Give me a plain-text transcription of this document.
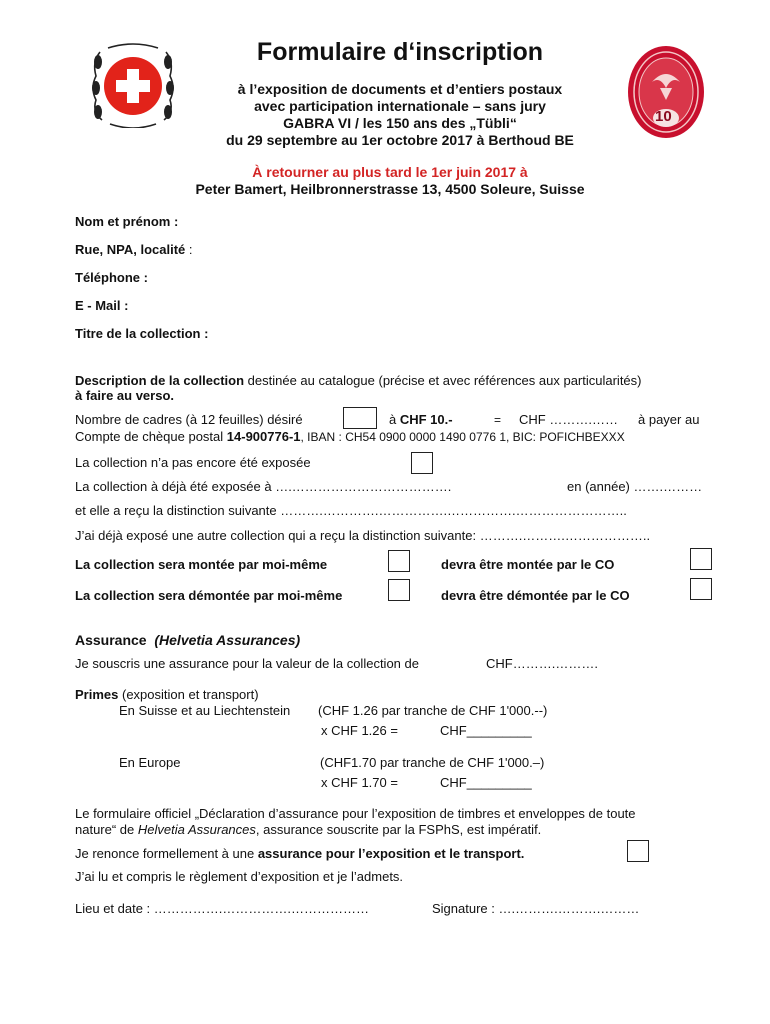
10
Formulaire d‘inscription
à l’exposition de documents et d’entiers postaux
avec participation internationale – sans jury
GABRA VI / les 150 ans des „Tübli“
du 29 septembre au 1er octobre 2017 à Berthoud BE
À retourner au plus tard le 1er juin 2017 à
Peter Bamert, Heilbronnerstrasse 13, 4500 Soleure, Suisse
Nom et prénom :
Rue, NPA, localité :
Téléphone :
E - Mail :
Titre de la collection :
Description de la collection destinée au catalogue (précise et avec références aux particularités)
à faire au verso.
Nombre de cadres (à 12 feuilles) désiré	à CHF 10.-	= CHF ……….…… à payer au
Compte de chèque postal 14-900776-1, IBAN : CH54 0900 0000 1490 0776 1, BIC: POFICHBEXXX
La collection n’a pas encore été exposée
La collection à déjà été exposée à ….……………………………….	en (année) …….………
et elle a reçu la distinction suivante ……….………….…………….…………….……………………..
J’ai déjà exposé une autre collection qui a reçu la distinction suivante: ……….……….………………..
La collection sera montée par moi-même	devra être montée par le CO
La collection sera démontée par moi-même	devra être démontée par le CO
Assurance (Helvetia Assurances)
Je souscris une assurance pour la valeur de la collection de	CHF……….……….
Primes (exposition et transport)
En Suisse et au Liechtenstein (CHF 1.26 par tranche de CHF 1'000.--)
x CHF 1.26 =	CHF_________
En Europe	(CHF1.70 par tranche de CHF 1'000.–)
x CHF 1.70 =	CHF_________
Le formulaire officiel „Déclaration d’assurance pour l’exposition de timbres et enveloppes de toute
nature“ de Helvetia Assurances, assurance souscrite par la FSPhS, est impératif.
Je renonce formellement à une assurance pour l’exposition et le transport.
J’ai lu et compris le règlement d’exposition et je l’admets.
Lieu et date : …………….…………….………………	Signature : ….……….……….………
